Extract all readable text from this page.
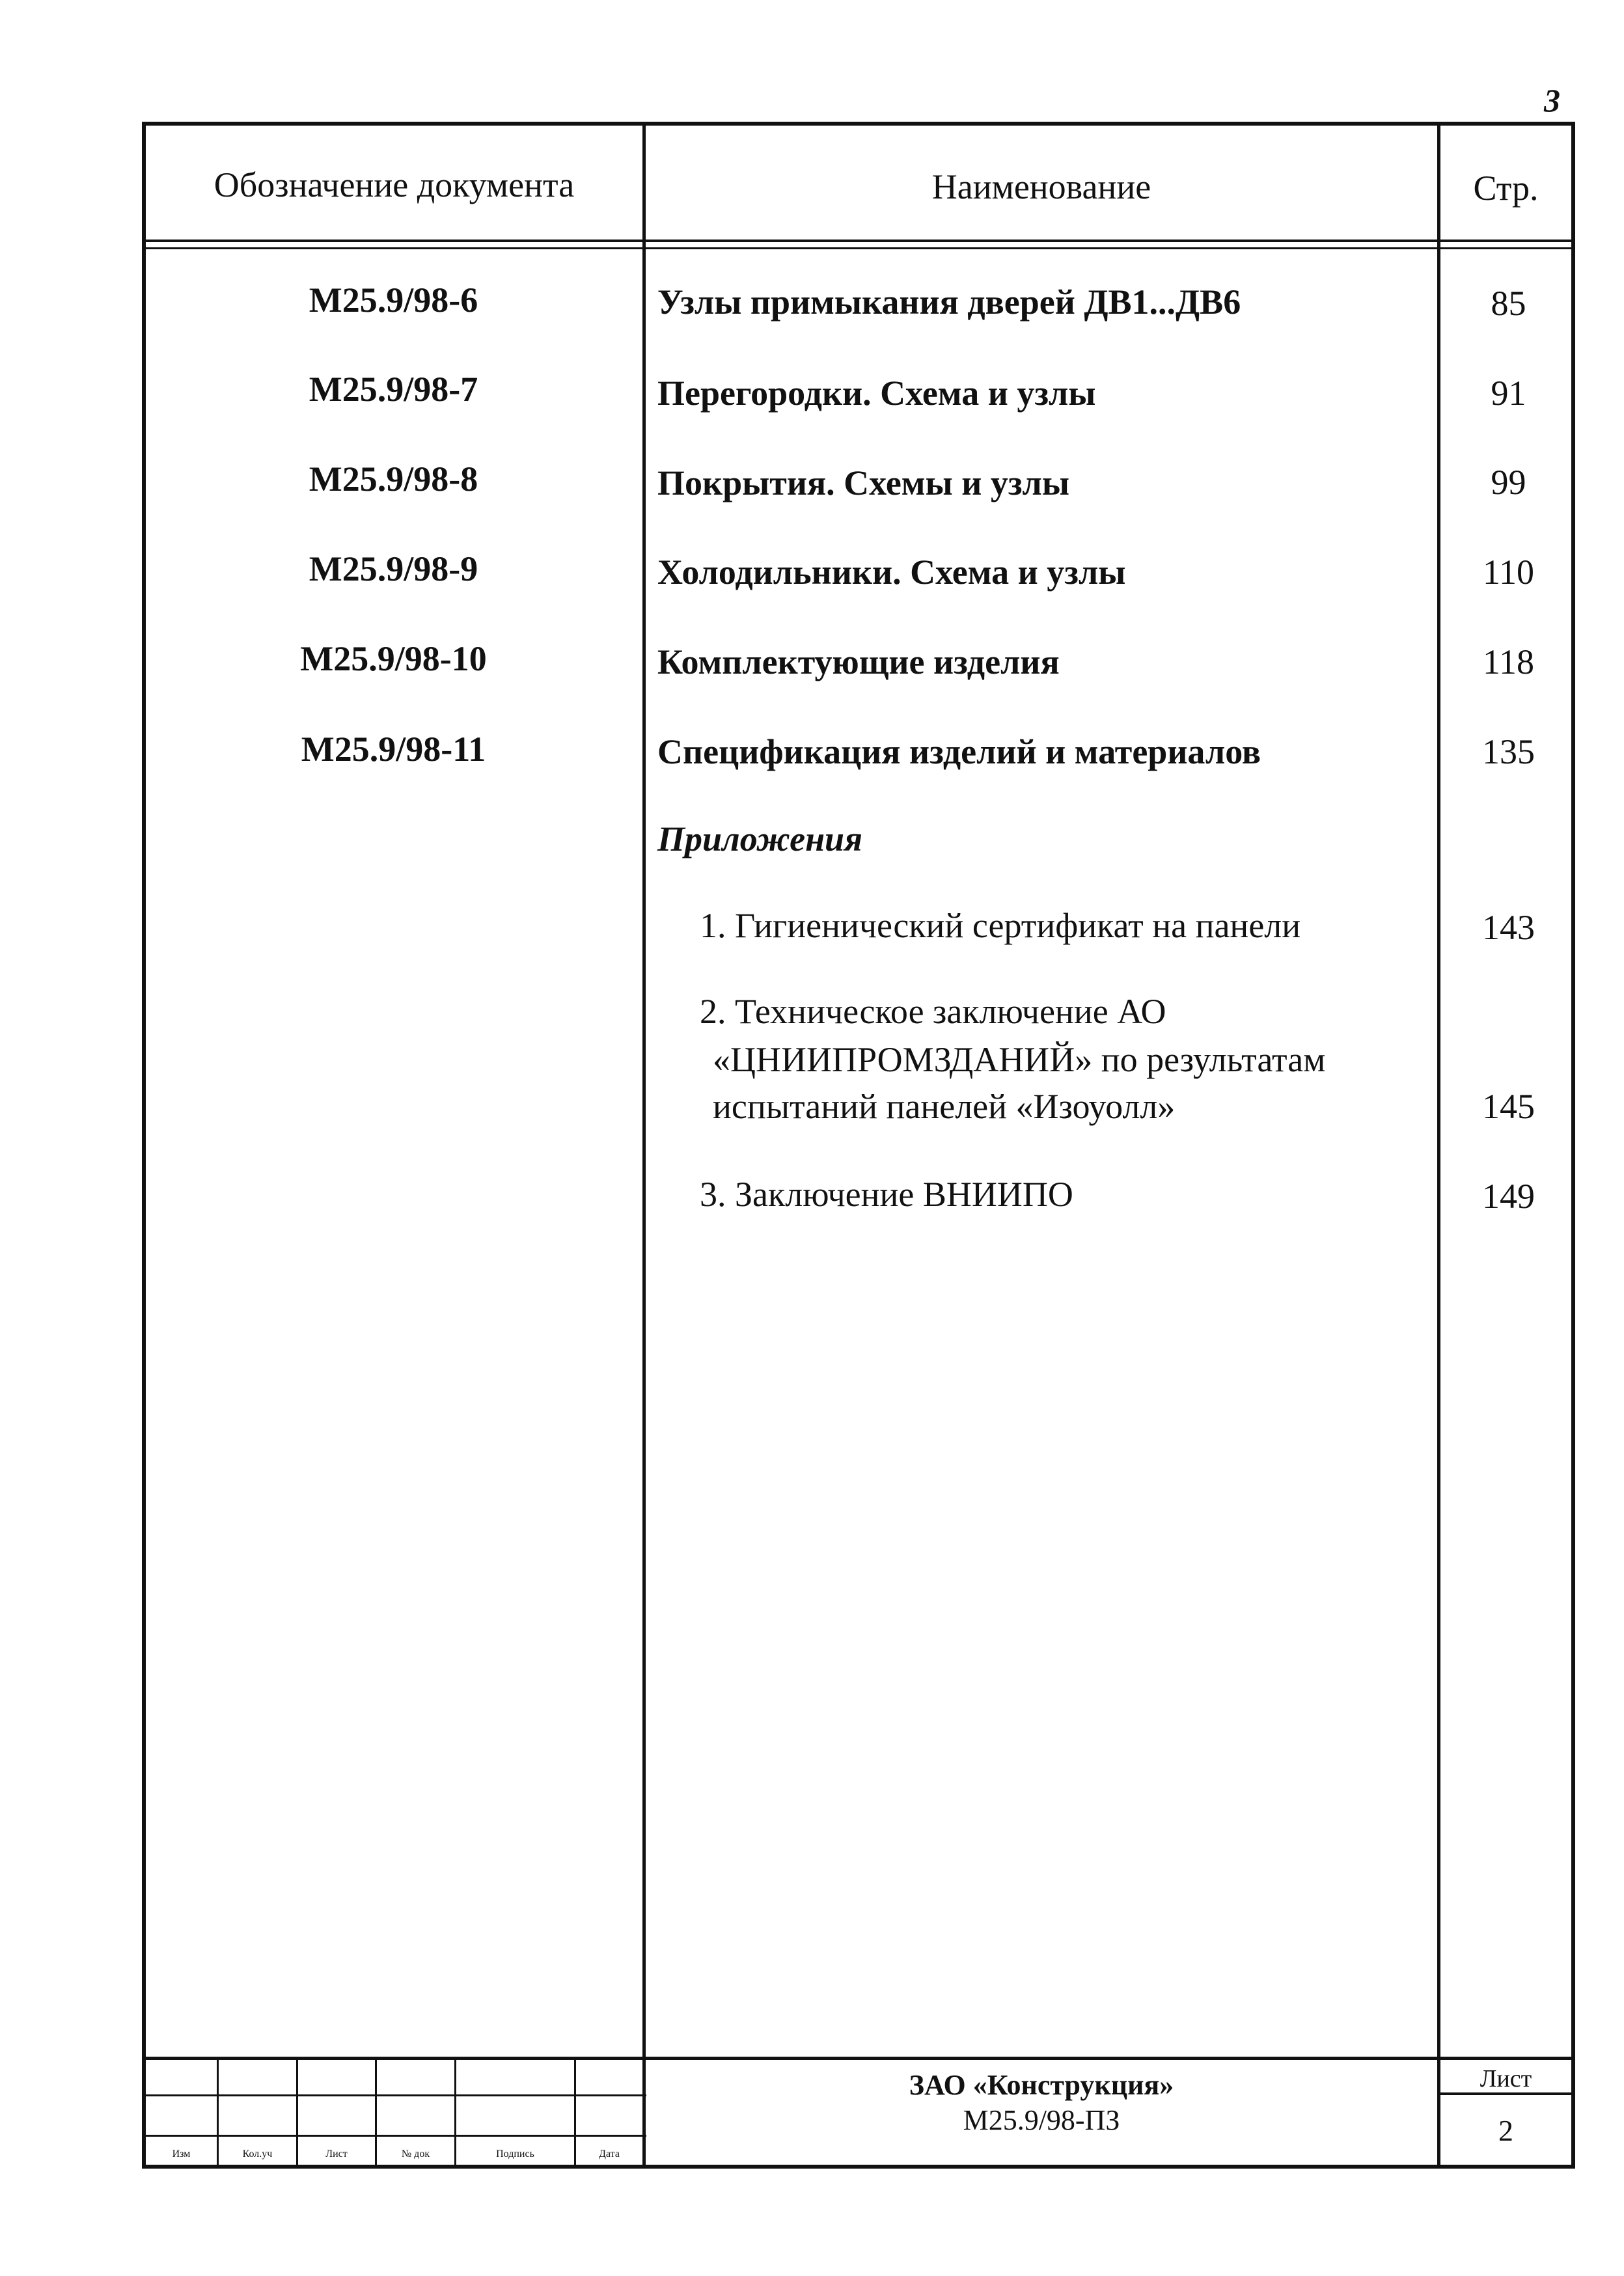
3
Обозначение документа	Наименование	Стр.
М25.9/98-6	Узлы примыкания дверей ДВ1...ДВ6	85
М25.9/98-7	Перегородки. Схема и узлы	91
М25.9/98-8	Покрытия. Схемы и узлы	99
М25.9/98-9	Холодильники. Схема и узлы	110
М25.9/98-10	Комплектующие изделия	118
М25.9/98-11	Спецификация изделий и материалов	135
Приложения
1. Гигиенический сертификат на панели	143
2. Техническое заключение АО
«ЦНИИПРОМЗДАНИЙ» по результатам
испытаний панелей «Изоуолл»	145
3. Заключение ВНИИПО	149
Изм	Кол.уч	Лист	№ док	Подпись	Дата
ЗАО «Конструкция»
М25.9/98-ПЗ
Лист
2
